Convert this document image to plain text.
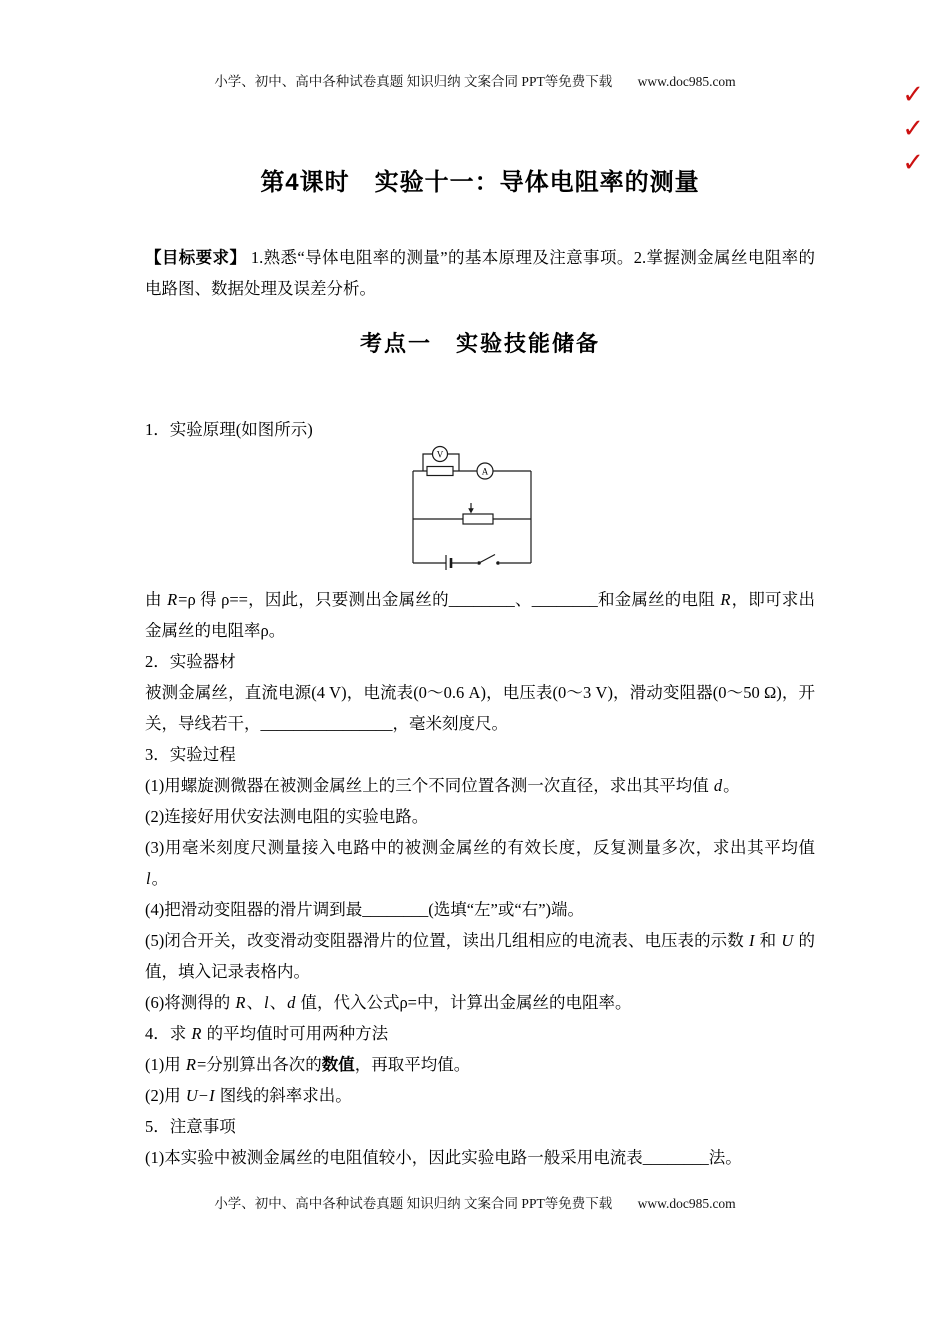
小学、初中、高中各种试卷真题 知识归纳 文案合同 PPT等免费下载 www.doc985.com	✓
✓
✓
第4课时　实验十一：导体电阻率的测量

【目标要求】 1.熟悉“导体电阻率的测量”的基本原理及注意事项。2.掌握测金属丝电阻率的电路图、数据处理及误差分析。

考点一　实验技能储备

1．实验原理(如图所示)

V
A

由 R=ρ 得 ρ==，因此，只要测出金属丝的________、________和金属丝的电阻 R，即可求出金属丝的电阻率ρ。

2．实验器材

被测金属丝，直流电源(4 V)，电流表(0～0.6 A)，电压表(0～3 V)，滑动变阻器(0～50 Ω)，开关，导线若干，________________，毫米刻度尺。

3．实验过程

(1)用螺旋测微器在被测金属丝上的三个不同位置各测一次直径，求出其平均值 d。

(2)连接好用伏安法测电阻的实验电路。

(3)用毫米刻度尺测量接入电路中的被测金属丝的有效长度，反复测量多次，求出其平均值 l。

(4)把滑动变阻器的滑片调到最________(选填“左”或“右”)端。

(5)闭合开关，改变滑动变阻器滑片的位置，读出几组相应的电流表、电压表的示数 I 和 U 的值，填入记录表格内。

(6)将测得的 R、l、d 值，代入公式ρ=中，计算出金属丝的电阻率。

4．求 R 的平均值时可用两种方法

(1)用 R=分别算出各次的数值，再取平均值。

(2)用 U−I 图线的斜率求出。

5．注意事项

(1)本实验中被测金属丝的电阻值较小，因此实验电路一般采用电流表________法。

小学、初中、高中各种试卷真题 知识归纳 文案合同 PPT等免费下载 www.doc985.com
